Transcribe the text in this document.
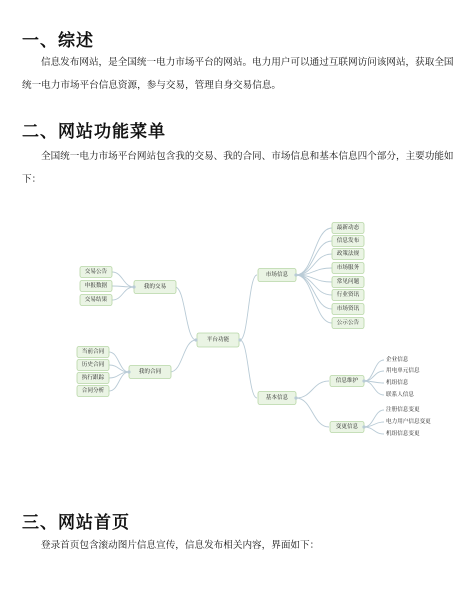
一、综述
信息发布网站，是全国统一电力市场平台的网站。电力用户可以通过互联网访问该网站，获取全国统一电力市场平台信息资源，参与交易，管理自身交易信息。
二、网站功能菜单
全国统一电力市场平台网站包含我的交易、我的合同、市场信息和基本信息四个部分，主要功能如下：
平台功能
我的交易
交易公告
申报数据
交易结果
我的合同
当前合同
历史合同
执行跟踪
合同分析
市场信息
最新动态
信息发布
政策法规
市场服务
常见问题
行业资讯
市场资讯
公示公告
基本信息
信息维护
企业信息
用电单元信息
机组信息
联系人信息
变更信息
注册信息变更
电力用户信息变更
机组信息变更
三、网站首页
登录首页包含滚动图片信息宣传，信息发布相关内容，界面如下：
